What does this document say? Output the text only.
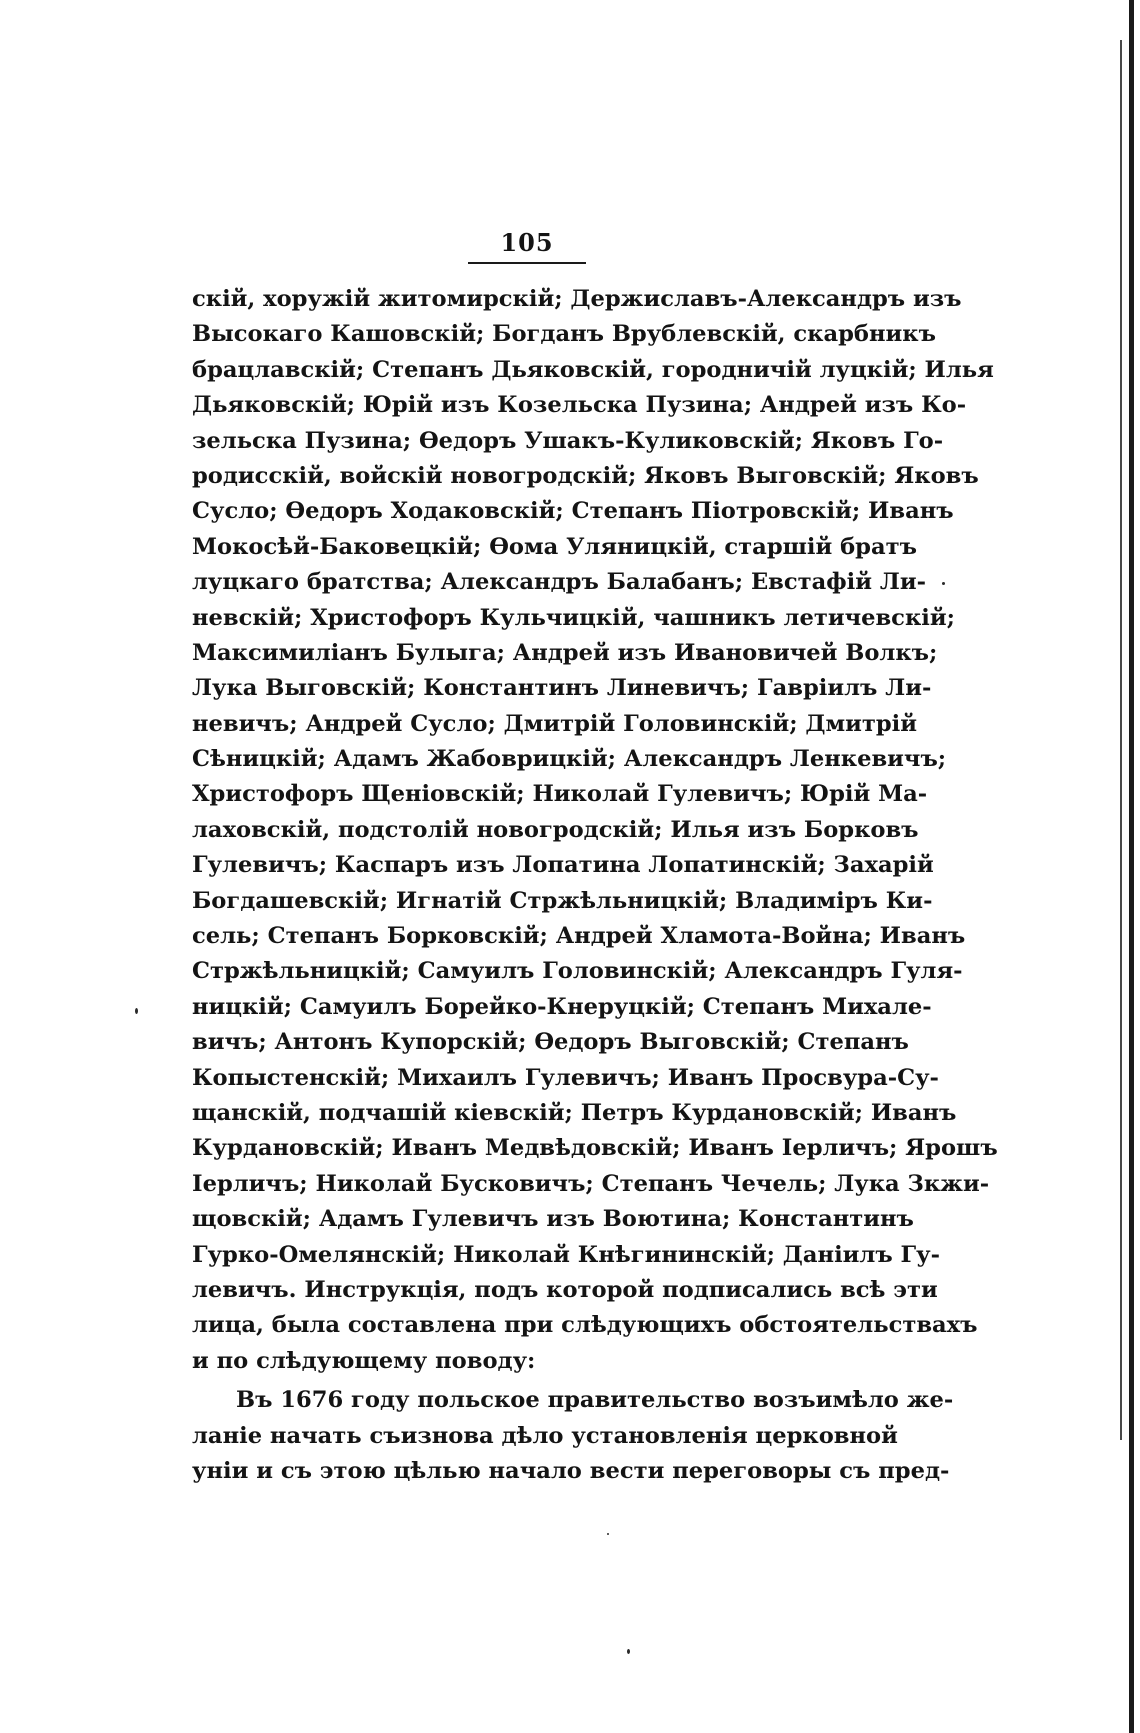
105
скій, хоружій житомирскій; Держиславъ-Александръ изъ
Высокаго Кашовскій; Богданъ Врублевскій, скарбникъ
брацлавскій; Степанъ Дьяковскій, городничій луцкій; Илья
Дьяковскій; Юрій изъ Козельска Пузина; Андрей изъ Ко-
зельска Пузина; Өедоръ Ушакъ-Куликовскій; Яковъ Го-
родисскій, войскій новогродскій; Яковъ Выговскій; Яковъ
Сусло; Өедоръ Ходаковскій; Степанъ Піотровскій; Иванъ
Мокосѣй-Баковецкій; Өома Уляницкій, старшій братъ
луцкаго братства; Александръ Балабанъ; Евстафій Ли-
невскій; Христофоръ Кульчицкій, чашникъ летичевскій;
Максимиліанъ Булыга; Андрей изъ Ивановичей Волкъ;
Лука Выговскій; Константинъ Линевичъ; Гавріилъ Ли-
невичъ; Андрей Сусло; Дмитрій Головинскій; Дмитрій
Сѣницкій; Адамъ Жабоврицкій; Александръ Ленкевичъ;
Христофоръ Щеніовскій; Николай Гулевичъ; Юрій Ма-
лаховскій, подстолій новогродскій; Илья изъ Борковъ
Гулевичъ; Каспаръ изъ Лопатина Лопатинскій; Захарій
Богдашевскій; Игнатій Стржѣльницкій; Владиміръ Ки-
сель; Степанъ Борковскій; Андрей Хламота-Война; Иванъ
Стржѣльницкій; Самуилъ Головинскій; Александръ Гуля-
ницкій; Самуилъ Борейко-Кнеруцкій; Степанъ Михале-
вичъ; Антонъ Купорскій; Өедоръ Выговскій; Степанъ
Копыстенскій; Михаилъ Гулевичъ; Иванъ Просвура-Су-
щанскій, подчашій кіевскій; Петръ Курдановскій; Иванъ
Курдановскій; Иванъ Медвѣдовскій; Иванъ Іерличъ; Ярошъ
Іерличъ; Николай Бусковичъ; Степанъ Чечель; Лука Зкжи-
щовскій; Адамъ Гулевичъ изъ Воютина; Константинъ
Гурко-Омелянскій; Николай Кнѣгининскій; Даніилъ Гу-
левичъ. Инструкція, подъ которой подписались всѣ эти
лица, была составлена при слѣдующихъ обстоятельствахъ
и по слѣдующему поводу:
Въ 1676 году польское правительство возъимѣло же-
ланіе начать съизнова дѣло установленія церковной
уніи и съ этою цѣлью начало вести переговоры съ пред-
